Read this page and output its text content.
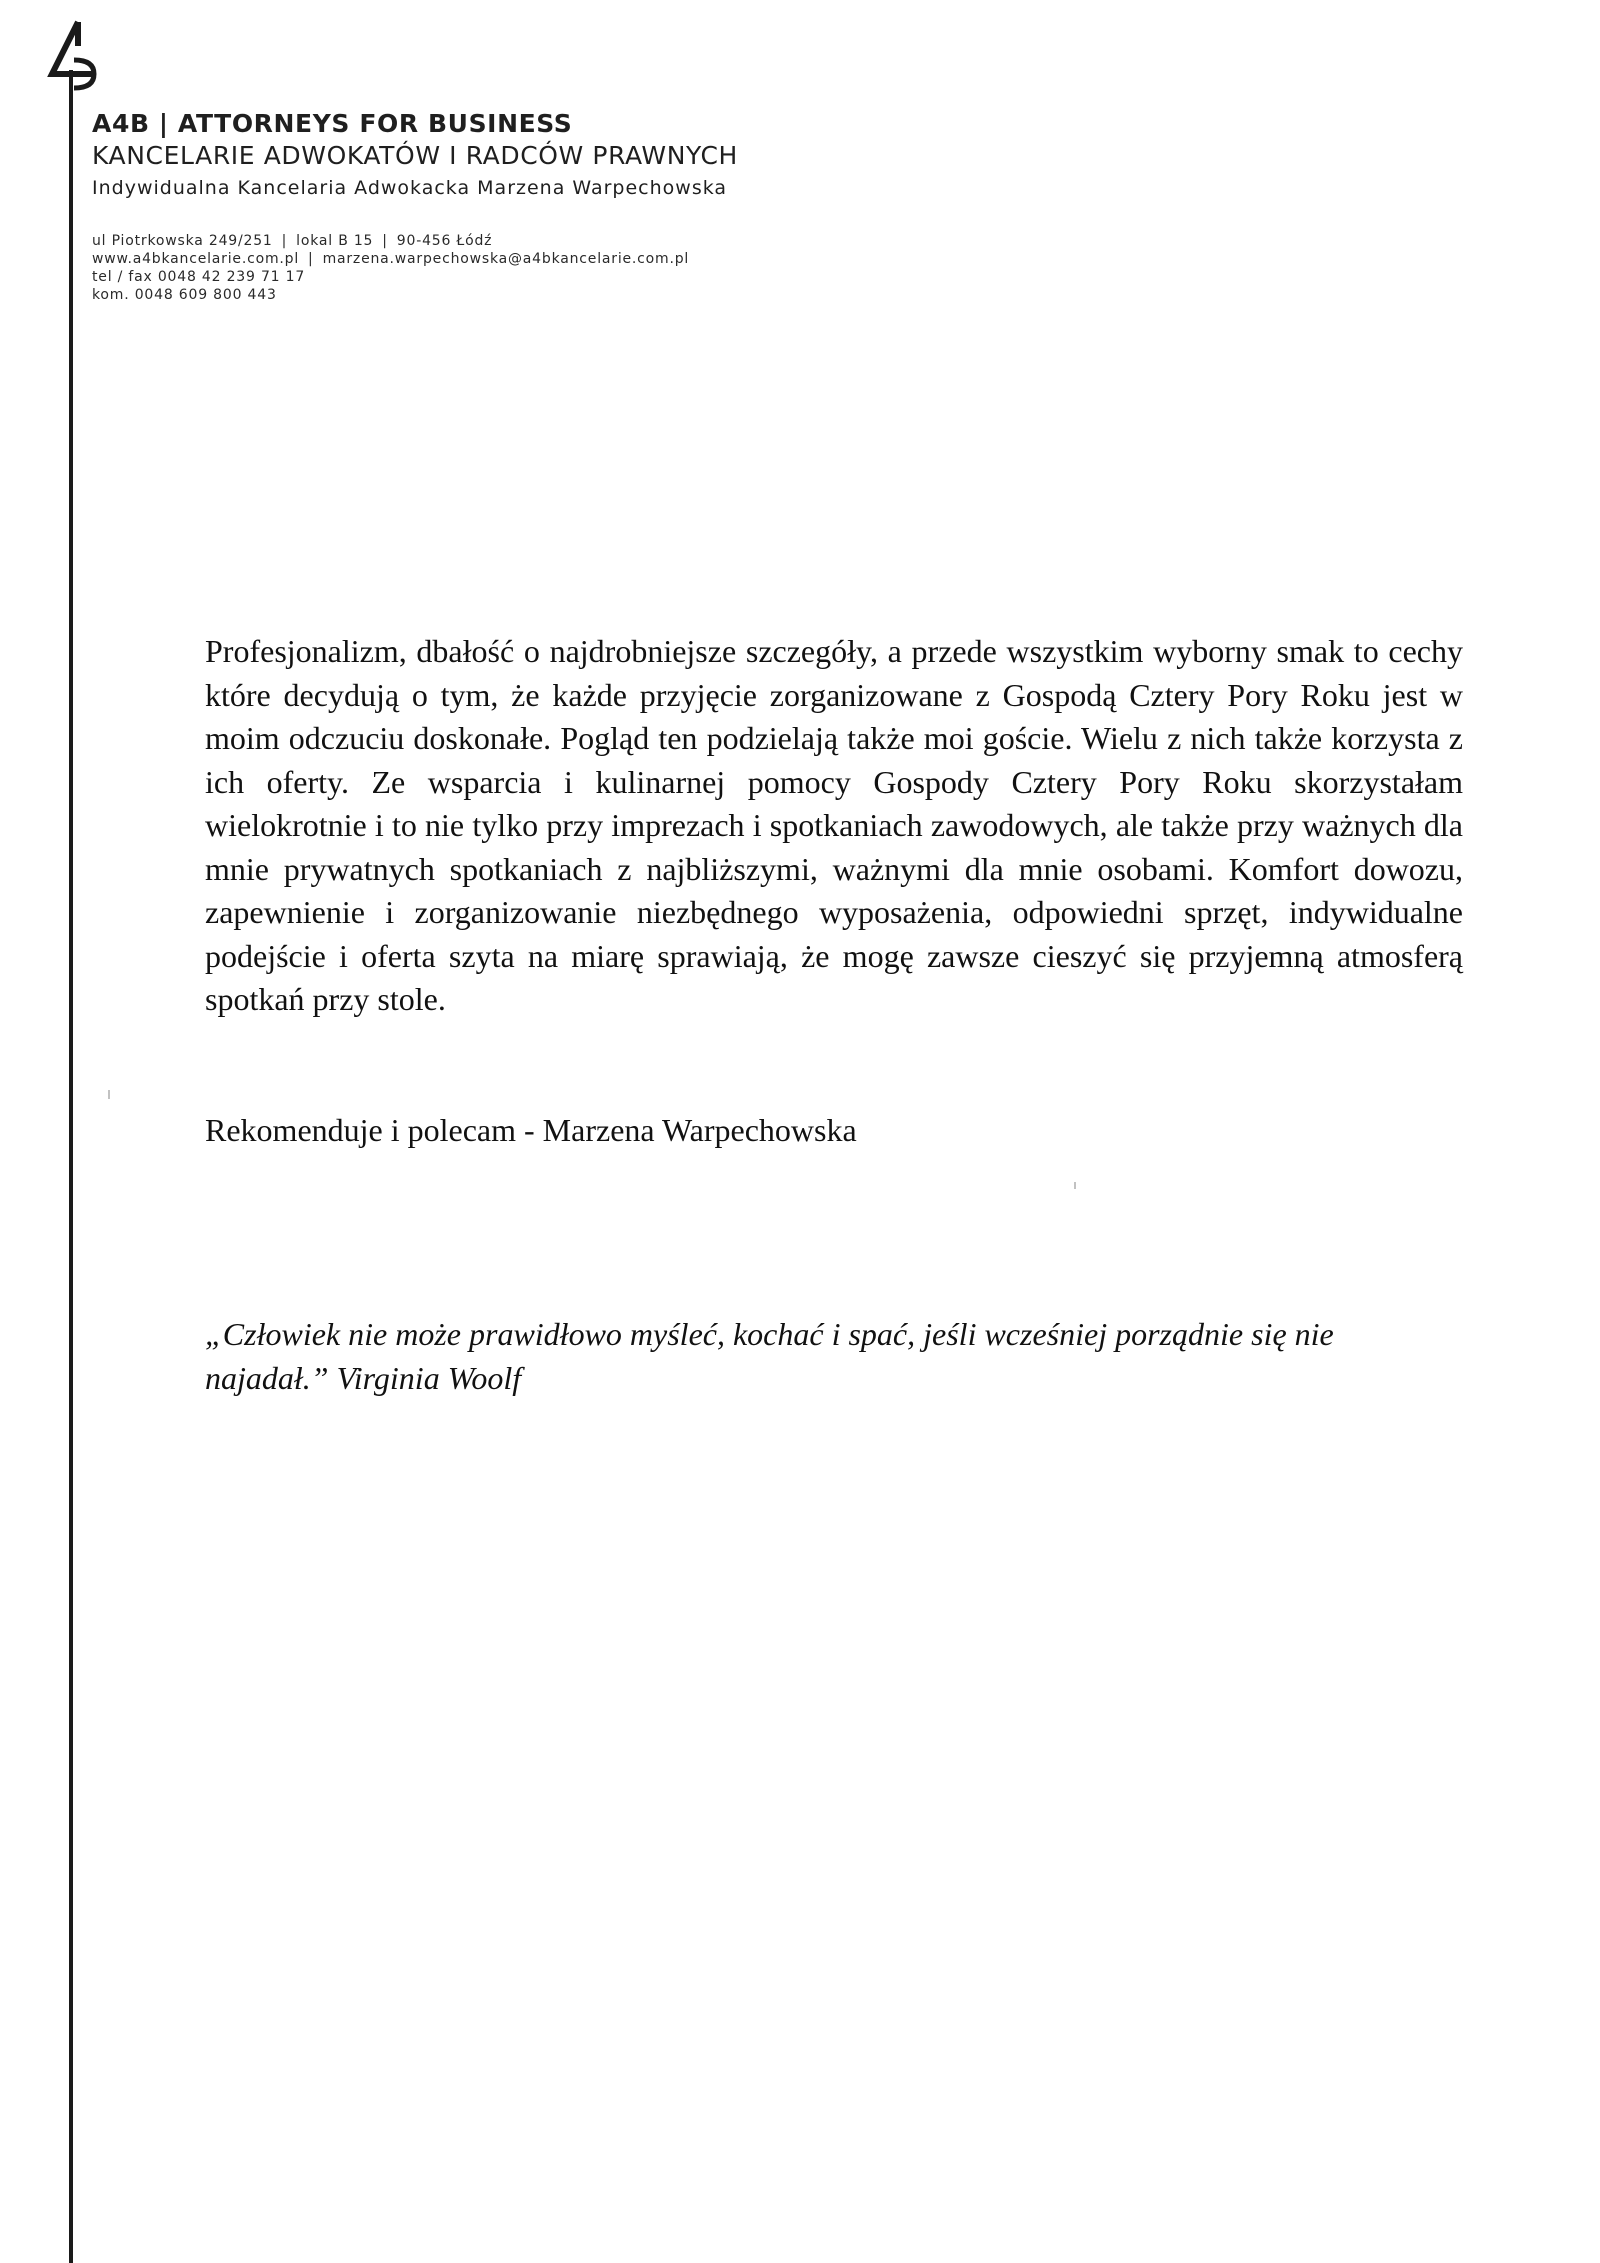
4
A4B | ATTORNEYS FOR BUSINESS
KANCELARIE ADWOKATÓW I RADCÓW PRAWNYCH
Indywidualna Kancelaria Adwokacka Marzena Warpechowska
ul Piotrkowska 249/251 | lokal B 15 | 90-456 Łódź
www.a4bkancelarie.com.pl | marzena.warpechowska@a4bkancelarie.com.pl
tel / fax 0048 42 239 71 17
kom. 0048 609 800 443
Profesjonalizm, dbałość o najdrobniejsze szczegóły, a przede wszystkim wyborny smak to cechy które decydują o tym, że każde przyjęcie zorganizowane z Gospodą Cztery Pory Roku jest w moim odczuciu doskonałe. Pogląd ten podzielają także moi goście. Wielu z nich także korzysta z ich oferty. Ze wsparcia i kulinarnej pomocy Gospody Cztery Pory Roku skorzystałam wielokrotnie i to nie tylko przy imprezach i spotkaniach zawodowych, ale także przy ważnych dla mnie prywatnych spotkaniach z najbliższymi, ważnymi dla mnie osobami. Komfort dowozu, zapewnienie i zorganizowanie niezbędnego wyposażenia, odpowiedni sprzęt, indywidualne podejście i oferta szyta na miarę sprawiają, że mogę zawsze cieszyć się przyjemną atmosferą spotkań przy stole.
Rekomenduje i polecam - Marzena Warpechowska
„Człowiek nie może prawidłowo myśleć, kochać i spać, jeśli wcześniej porządnie się nie najadał.” Virginia Woolf
